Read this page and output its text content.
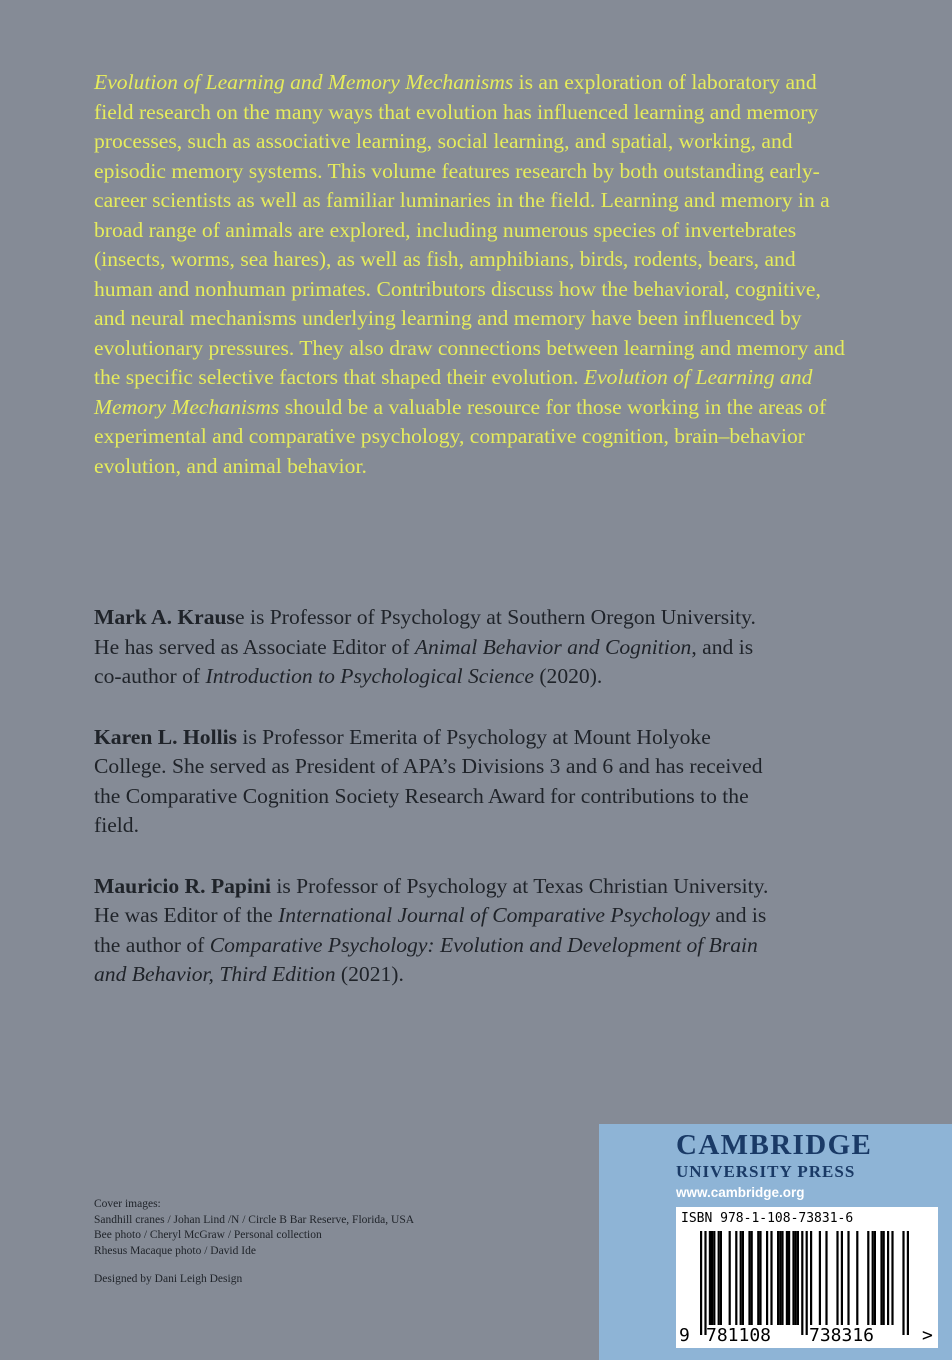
Evolution of Learning and Memory Mechanisms is an exploration of laboratory and field research on the many ways that evolution has influenced learning and memory processes, such as associative learning, social learning, and spatial, working, and episodic memory systems. This volume features research by both outstanding early-career scientists as well as familiar luminaries in the field. Learning and memory in a broad range of animals are explored, including numerous species of invertebrates (insects, worms, sea hares), as well as fish, amphibians, birds, rodents, bears, and human and nonhuman primates. Contributors discuss how the behavioral, cognitive, and neural mechanisms underlying learning and memory have been influenced by evolutionary pressures. They also draw connections between learning and memory and the specific selective factors that shaped their evolution. Evolution of Learning and Memory Mechanisms should be a valuable resource for those working in the areas of experimental and comparative psychology, comparative cognition, brain–behavior evolution, and animal behavior.

Mark A. Krause is Professor of Psychology at Southern Oregon University. He has served as Associate Editor of Animal Behavior and Cognition, and is co-author of Introduction to Psychological Science (2020).

Karen L. Hollis is Professor Emerita of Psychology at Mount Holyoke College. She served as President of APA’s Divisions 3 and 6 and has received the Comparative Cognition Society Research Award for contributions to the field.

Mauricio R. Papini is Professor of Psychology at Texas Christian University. He was Editor of the International Journal of Comparative Psychology and is the author of Comparative Psychology: Evolution and Development of Brain and Behavior, Third Edition (2021).

Cover images:
Sandhill cranes / Johan Lind /N / Circle B Bar Reserve, Florida, USA
Bee photo / Cheryl McGraw / Personal collection
Rhesus Macaque photo / David Ide
Designed by Dani Leigh Design
CAMBRIDGE
UNIVERSITY PRESS
www.cambridge.org
ISBN 978-1-108-73831-6
9 781108 738316	>
